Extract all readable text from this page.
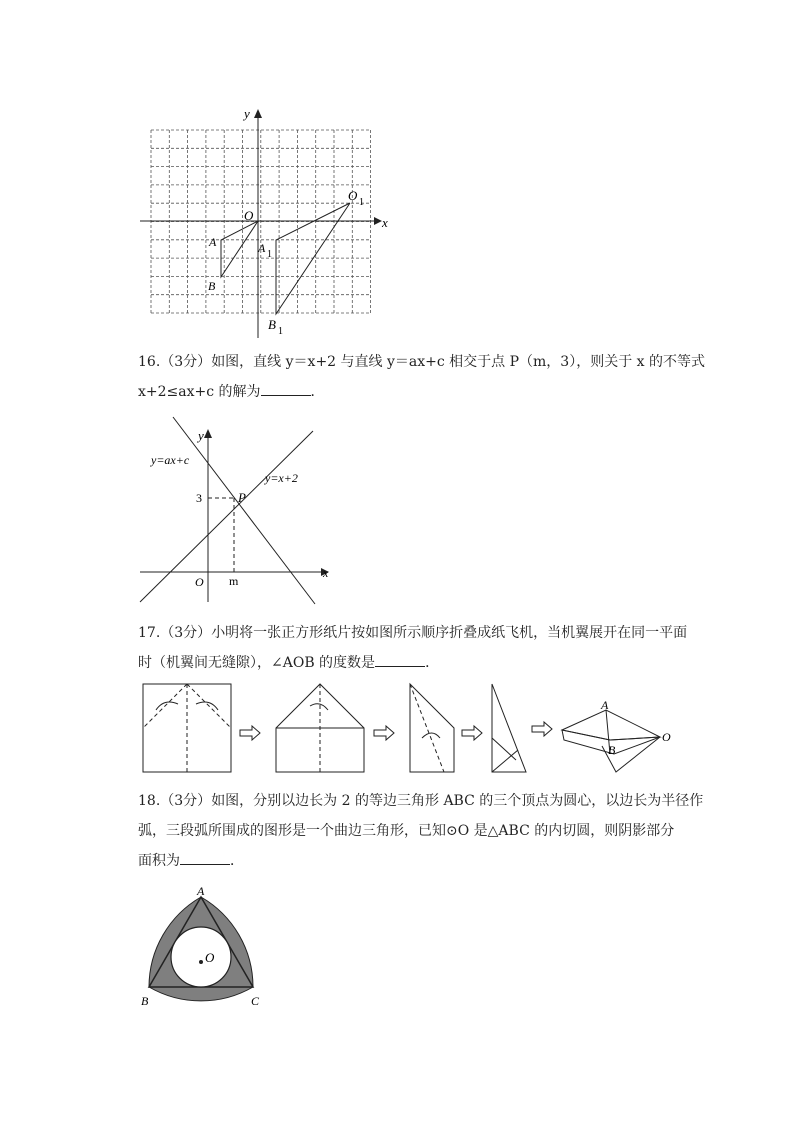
y
x
O
O 1
A	A 1
B
B 1
16.（3分）如图，直线 y＝x+2 与直线 y＝ax+c 相交于点 P（m，3），则关于 x 的不等式
x+2≤ax+c 的解为	．
y
x
y=ax+c
y=x+2
3	P
O m
17.（3分）小明将一张正方形纸片按如图所示顺序折叠成纸飞机，当机翼展开在同一平面
时（机翼间无缝隙），∠AOB 的度数是	．
A
B
O
18.（3分）如图，分别以边长为 2 的等边三角形 ABC 的三个顶点为圆心，以边长为半径作
弧，三段弧所围成的图形是一个曲边三角形，已知⊙O 是△ABC 的内切圆，则阴影部分
面积为	．
O
A
B	C
